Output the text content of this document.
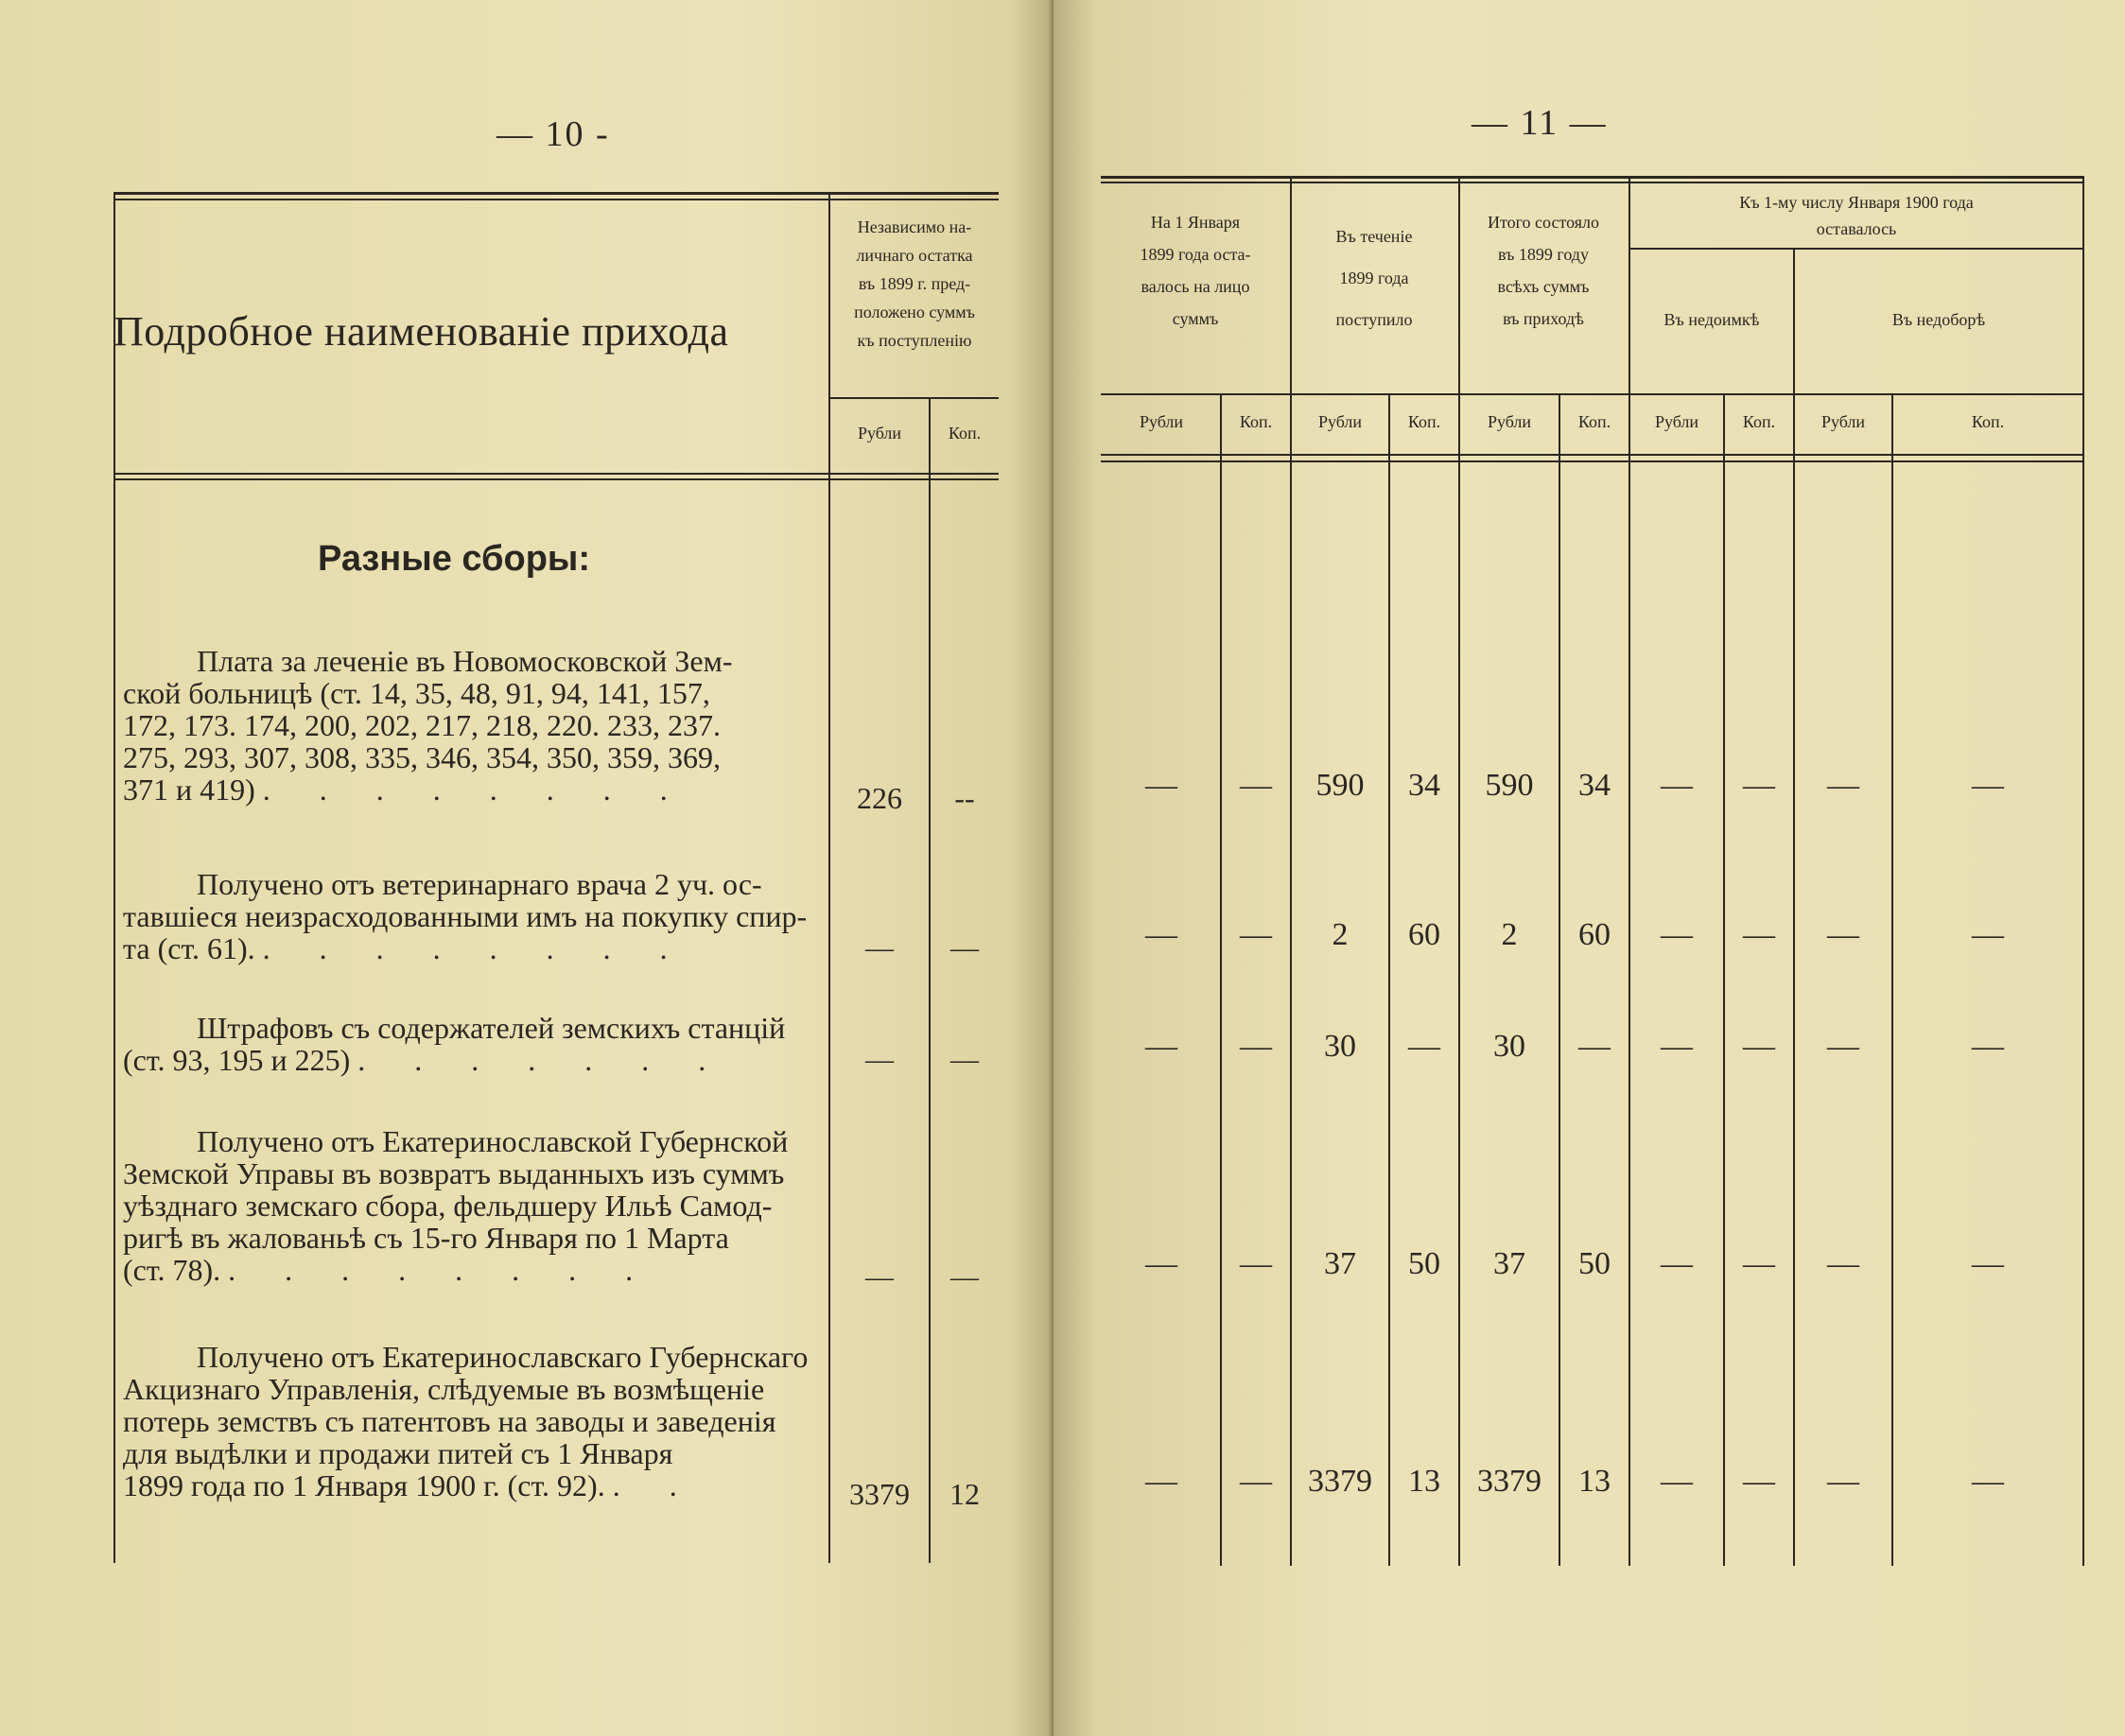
— 10 -
Подробное наименованіе прихода
Независимо на-
личнаго остатка
въ 1899 г. пред-
положено суммъ
къ поступленію
Рубли	Коп.
Разные сборы:
Плата за леченіе въ Новомосковской Зем-
ской больницѣ (ст. 14, 35, 48, 91, 94, 141, 157,
172, 173. 174, 200, 202, 217, 218, 220. 233, 237.
275, 293, 307, 308, 335, 346, 354, 350, 359, 369,
371 и 419) . . . . . . . .	226	--
Получено отъ ветеринарнаго врача 2 уч. ос-
тавшіеся неизрасходованными имъ на покупку спир-
та (ст. 61). . . . . . . . .	—	—
Штрафовъ съ содержателей земскихъ станцій
(ст. 93, 195 и 225) . . . . . . .	—	—
Получено отъ Екатеринославской Губернской
Земской Управы въ возвратъ выданныхъ изъ суммъ
уѣзднаго земскаго сбора, фельдшеру Ильѣ Самод-
ригѣ въ жалованьѣ съ 15-го Января по 1 Марта
(ст. 78). . . . . . . . .	—	—
Получено отъ Екатеринославскаго Губернскаго
Акцизнаго Управленія, слѣдуемые въ возмѣщеніе
потерь земствъ съ патентовъ на заводы и заведенія
для выдѣлки и продажи питей съ 1 Января
1899 года по 1 Января 1900 г. (ст. 92). . .	3379	12
— 11 —
На 1 Января
1899 года оста-
валось на лицо
суммъ
Въ теченіе
1899 года
поступило
Итого состояло
въ 1899 году
всѣхъ суммъ
въ приходѣ
Къ 1-му числу Января 1900 года
оставалось
Въ недоимкѣ	Въ недоборѣ
Рубли	Коп.	Рубли	Коп.	Рубли	Коп.	Рубли	Коп.	Рубли	Коп.
—	—	590	34	590	34	—	—	—	—
—	—	2	60	2	60	—	—	—	—
—	—	30	—	30	—	—	—	—	—
—	—	37	50	37	50	—	—	—	—
—	—	3379	13	3379	13	—	—	—	—
